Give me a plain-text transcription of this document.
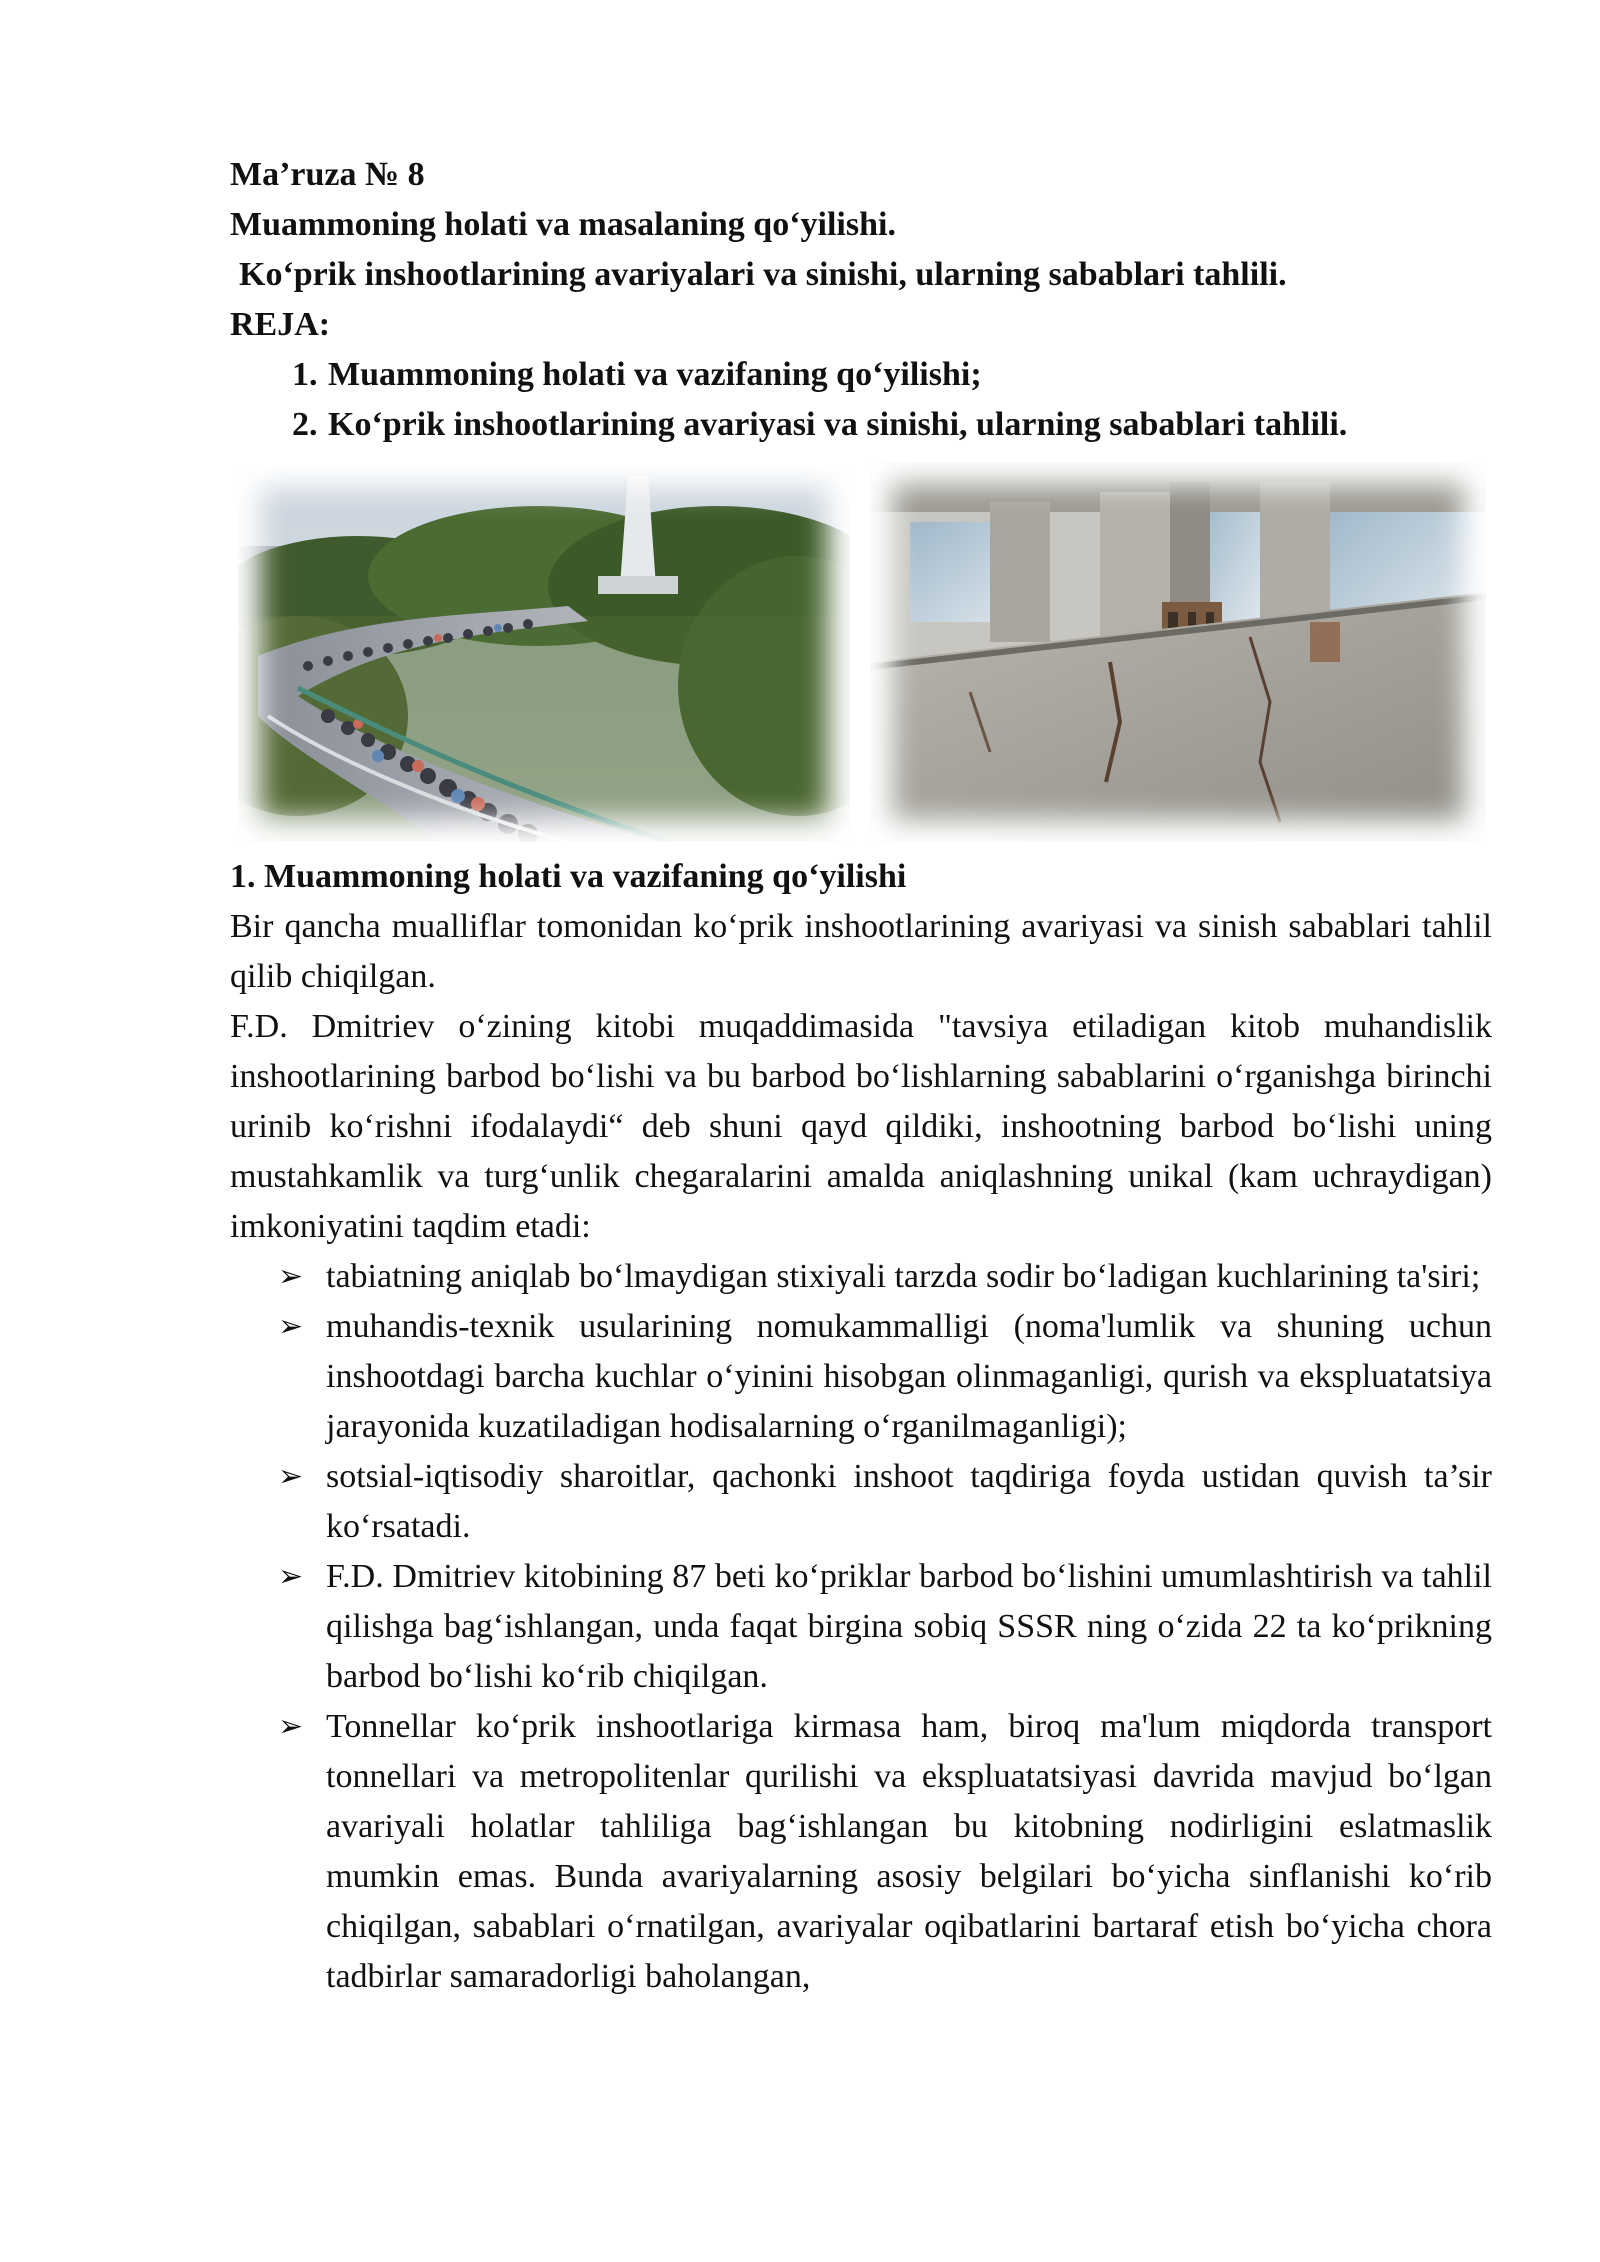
Ma’ruza № 8
Muammoning holati va masalaning qo‘yilishi.
Ko‘prik inshootlarining avariyalari va sinishi, ularning sabablari tahlili.
REJA:
1. Muammoning holati va vazifaning qo‘yilishi;
2. Ko‘prik inshootlarining avariyasi va sinishi, ularning sabablari tahlili.
1. Muammoning holati va vazifaning qo‘yilishi

Bir qancha mualliflar tomonidan ko‘prik inshootlarining avariyasi va sinish sabablari tahlil qilib chiqilgan.

F.D. Dmitriev o‘zining kitobi muqaddimasida "tavsiya etiladigan kitob muhandislik inshootlarining barbod bo‘lishi va bu barbod bo‘lishlarning sabablarini o‘rganishga birinchi urinib ko‘rishni ifodalaydi“ deb shuni qayd qildiki, inshootning barbod bo‘lishi uning mustahkamlik va turg‘unlik chegaralarini amalda aniqlashning unikal (kam uchraydigan) imkoniyatini taqdim etadi:

➢ tabiatning aniqlab bo‘lmaydigan stixiyali tarzda sodir bo‘ladigan kuchlarining ta'siri;
➢ muhandis-texnik usularining nomukammalligi (noma'lumlik va shuning uchun inshootdagi barcha kuchlar o‘yinini hisobgan olinmaganligi, qurish va ekspluatatsiya jarayonida kuzatiladigan hodisalarning o‘rganilmaganligi);
➢ sotsial-iqtisodiy sharoitlar, qachonki inshoot taqdiriga foyda ustidan quvish ta’sir ko‘rsatadi.
➢ F.D. Dmitriev kitobining 87 beti ko‘priklar barbod bo‘lishini umumlashtirish va tahlil qilishga bag‘ishlangan, unda faqat birgina sobiq SSSR ning o‘zida 22 ta ko‘prikning barbod bo‘lishi ko‘rib chiqilgan.
➢ Tonnellar ko‘prik inshootlariga kirmasa ham, biroq ma'lum miqdorda transport tonnellari va metropolitenlar qurilishi va ekspluatatsiyasi davrida mavjud bo‘lgan avariyali holatlar tahliliga bag‘ishlangan bu kitobning nodirligini eslatmaslik mumkin emas. Bunda avariyalarning asosiy belgilari bo‘yicha sinflanishi ko‘rib chiqilgan, sabablari o‘rnatilgan, avariyalar oqibatlarini bartaraf etish bo‘yicha chora tadbirlar samaradorligi baholangan,
